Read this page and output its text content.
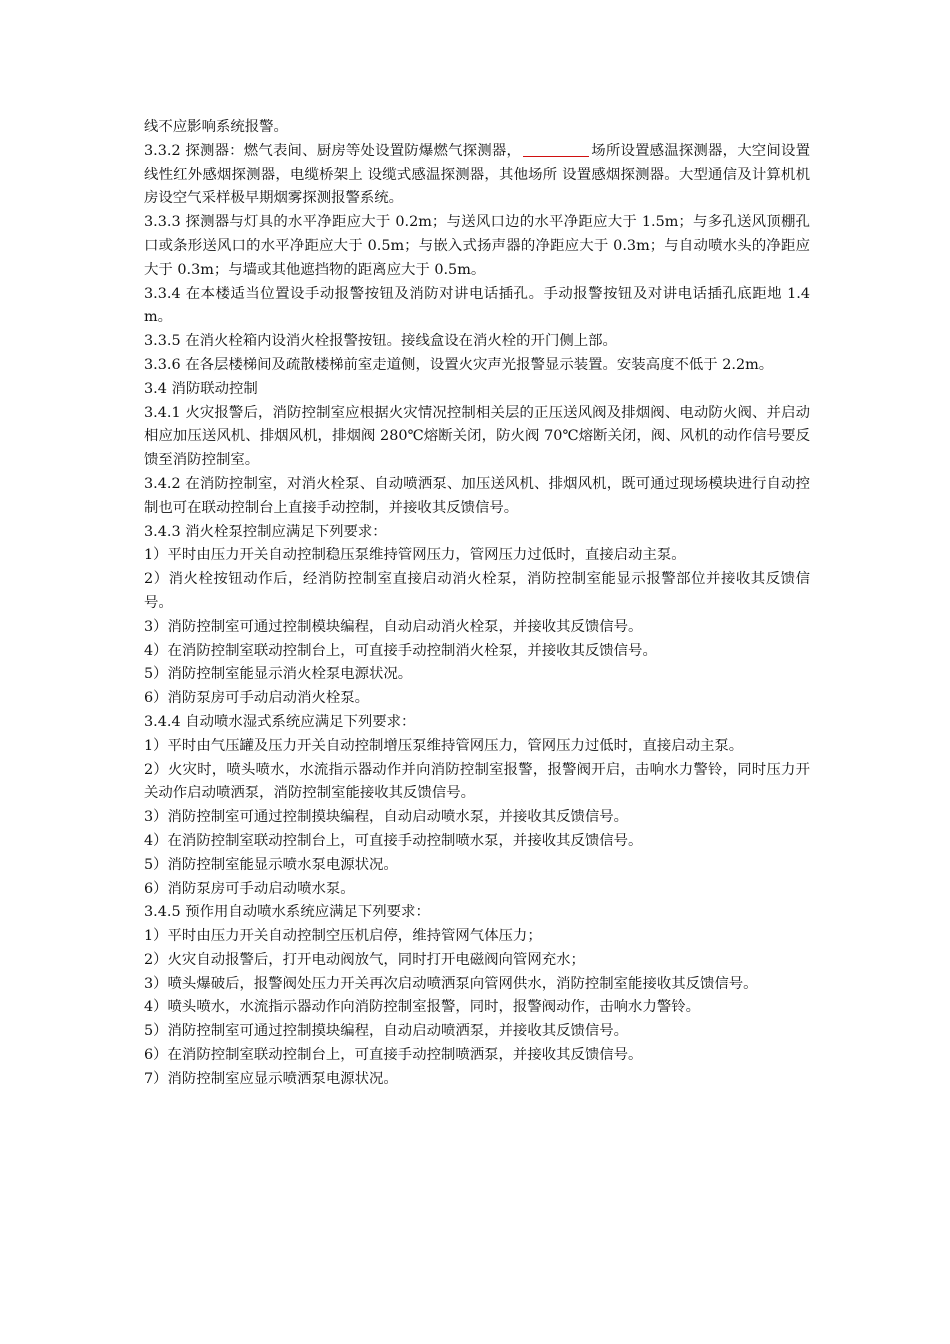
线不应影响系统报警。

3.3.2 探测器：燃气表间、厨房等处设置防爆燃气探测器，	场所设置感温探测器，大空间设置线性红外感烟探测器，电缆桥架上 设缆式感温探测器，其他场所 设置感烟探测器。大型通信及计算机机房设空气采样极早期烟雾探测报警系统。

3.3.3 探测器与灯具的水平净距应大于 0.2m；与送风口边的水平净距应大于 1.5m；与多孔送风顶棚孔口或条形送风口的水平净距应大于 0.5m；与嵌入式扬声器的净距应大于 0.3m；与自动喷水头的净距应大于 0.3m；与墙或其他遮挡物的距离应大于 0.5m。

3.3.4 在本楼适当位置设手动报警按钮及消防对讲电话插孔。手动报警按钮及对讲电话插孔底距地 1.4m。

3.3.5 在消火栓箱内设消火栓报警按钮。接线盒设在消火栓的开门侧上部。

3.3.6 在各层楼梯间及疏散楼梯前室走道侧，设置火灾声光报警显示装置。安装高度不低于 2.2m。

3.4 消防联动控制

3.4.1 火灾报警后，消防控制室应根据火灾情况控制相关层的正压送风阀及排烟阀、电动防火阀、并启动相应加压送风机、排烟风机，排烟阀 280℃熔断关闭，防火阀 70℃熔断关闭，阀、风机的动作信号要反馈至消防控制室。

3.4.2 在消防控制室，对消火栓泵、自动喷洒泵、加压送风机、排烟风机，既可通过现场模块进行自动控制也可在联动控制台上直接手动控制，并接收其反馈信号。

3.4.3 消火栓泵控制应满足下列要求：

1）平时由压力开关自动控制稳压泵维持管网压力，管网压力过低时，直接启动主泵。

2）消火栓按钮动作后，经消防控制室直接启动消火栓泵，消防控制室能显示报警部位并接收其反馈信号。

3）消防控制室可通过控制模块编程，自动启动消火栓泵，并接收其反馈信号。

4）在消防控制室联动控制台上，可直接手动控制消火栓泵，并接收其反馈信号。

5）消防控制室能显示消火栓泵电源状况。

6）消防泵房可手动启动消火栓泵。

3.4.4 自动喷水湿式系统应满足下列要求：

1）平时由气压罐及压力开关自动控制增压泵维持管网压力，管网压力过低时，直接启动主泵。

2）火灾时，喷头喷水，水流指示器动作并向消防控制室报警，报警阀开启，击响水力警铃，同时压力开关动作启动喷洒泵，消防控制室能接收其反馈信号。

3）消防控制室可通过控制摸块编程，自动启动喷水泵，并接收其反馈信号。

4）在消防控制室联动控制台上，可直接手动控制喷水泵，并接收其反馈信号。

5）消防控制室能显示喷水泵电源状况。

6）消防泵房可手动启动喷水泵。

3.4.5 预作用自动喷水系统应满足下列要求：

1）平时由压力开关自动控制空压机启停，维持管网气体压力；

2）火灾自动报警后，打开电动阀放气，同时打开电磁阀向管网充水；

3）喷头爆破后，报警阀处压力开关再次启动喷洒泵向管网供水，消防控制室能接收其反馈信号。

4）喷头喷水，水流指示器动作向消防控制室报警，同时，报警阀动作，击响水力警铃。

5）消防控制室可通过控制摸块编程，自动启动喷洒泵，并接收其反馈信号。

6）在消防控制室联动控制台上，可直接手动控制喷洒泵，并接收其反馈信号。

7）消防控制室应显示喷洒泵电源状况。
